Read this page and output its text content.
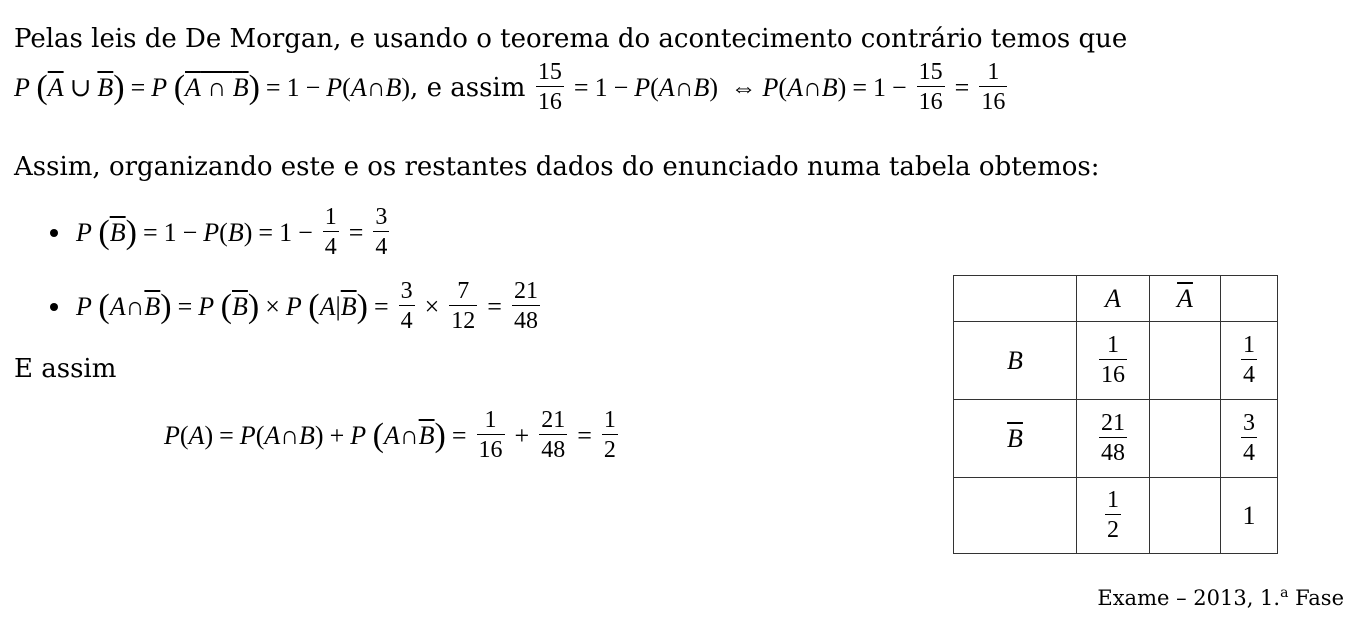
Pelas leis de De Morgan, e usando o teorema do acontecimento contrário temos que
P
( $\overline{A}$ ∪ $\overline{B}$ ) = P
( A ∩ B ) = 1 − P ( A ∩ B ) , e assim
$\frac{15}{16} = 1 - P$ ( A ∩ B ) ⇔ P ( A ∩ B ) = $1 - \frac{15}{16} = \frac{1}{16}$
Assim, organizando este e os restantes dados do enunciado numa tabela obtemos:
P
( $\overline{B}$ ) = 1 − P ( B ) = $1 - \frac{1}{4} = \frac{3}{4}$
P
( A ∩ $\overline{B}$ ) = P
( $\overline{B}$ ) × P
( A | $\overline{B}$ ) = $\frac{3}{4} \times \frac{7}{12} = \frac{21}{48}$
E assim
P ( A ) = P ( A ∩ B ) + P
( A ∩ $\overline{B}$ ) = $\frac{1}{16} + \frac{21}{48} = \frac{1}{2}$
	A	$\overline{A}$	
B	$\frac{1}{16}$		$\frac{1}{4}$

$\overline{B}$	$\frac{21}{48}$		$\frac{3}{4}$

	$\frac{1}{2}$		1
Exame – 2013, 1.$^a$ Fase
